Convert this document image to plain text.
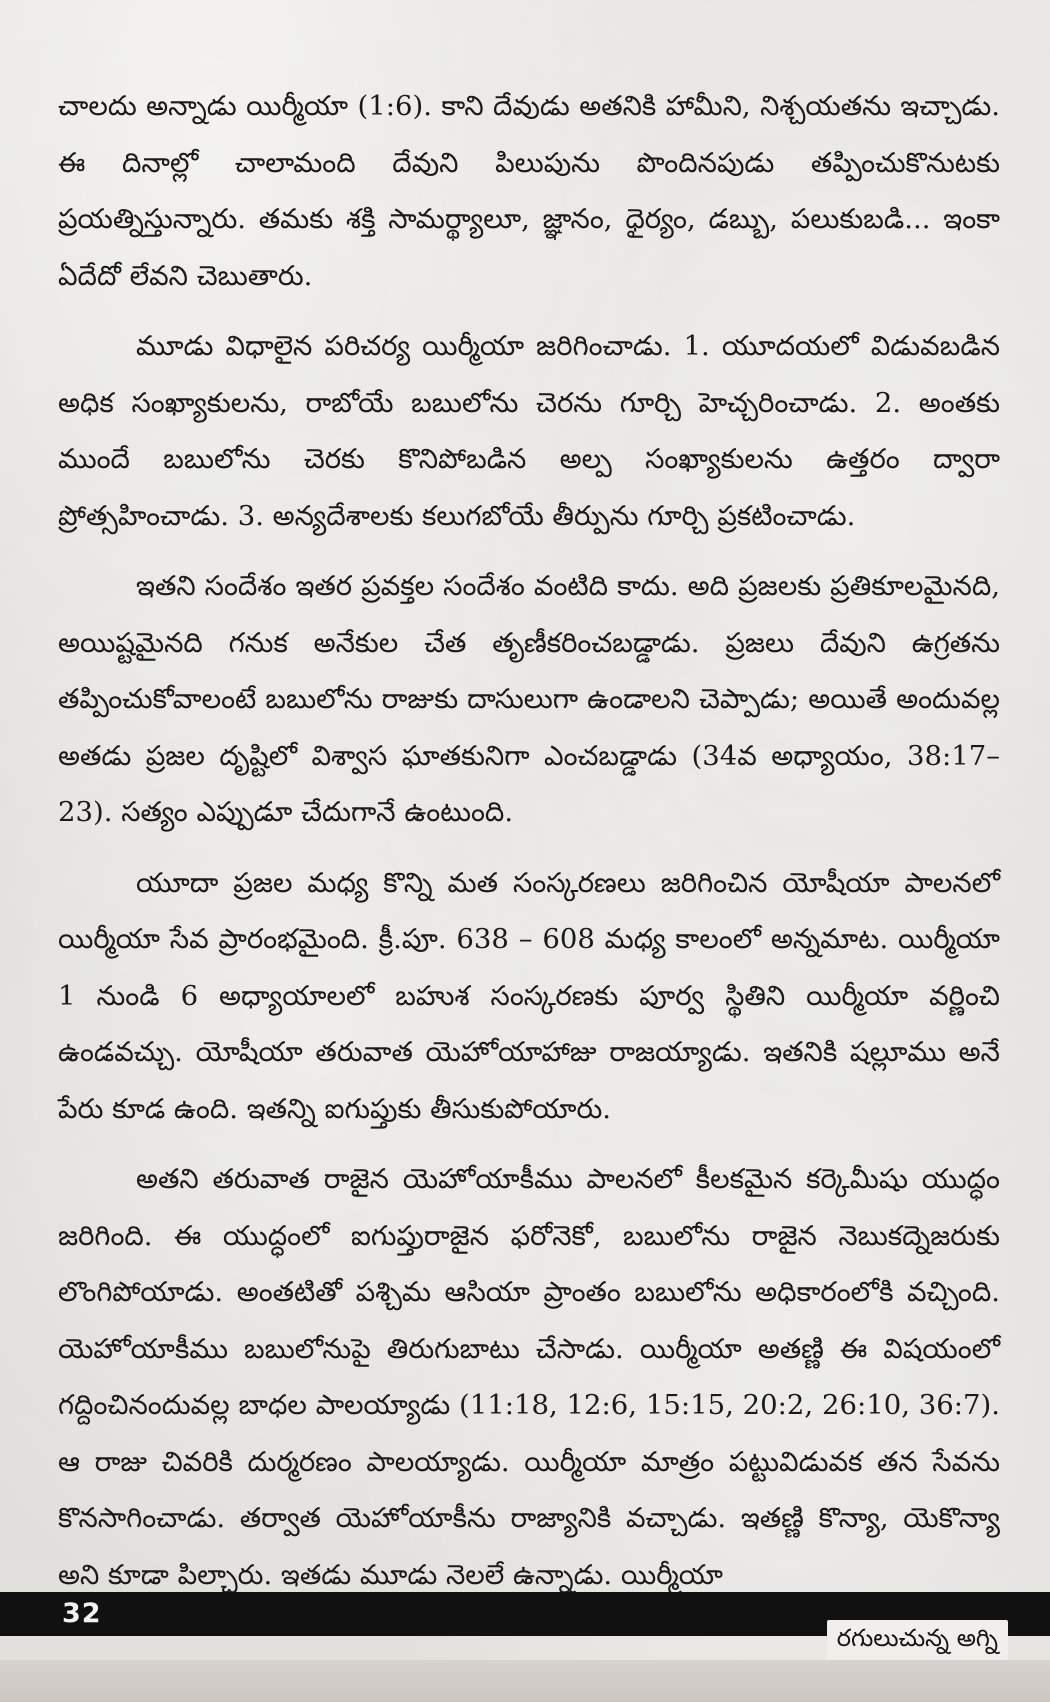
చాలదు అన్నాడు యిర్మీయా (1:6). కాని దేవుడు అతనికి హామీని, నిశ్చయతను ఇచ్చాడు. ఈ దినాల్లో చాలామంది దేవుని పిలుపును పొందినపుడు తప్పించుకొనుటకు ప్రయత్నిస్తున్నారు. తమకు శక్తి సామర్థ్యాలూ, జ్ఞానం, ధైర్యం, డబ్బు, పలుకుబడి... ఇంకా ఏదేదో లేవని చెబుతారు.

మూడు విధాలైన పరిచర్య యిర్మీయా జరిగించాడు. 1. యూదయలో విడువబడిన అధిక సంఖ్యాకులను, రాబోయే బబులోను చెరను గూర్చి హెచ్చరించాడు. 2. అంతకు ముందే బబులోను చెరకు కొనిపోబడిన అల్ప సంఖ్యాకులను ఉత్తరం ద్వారా ప్రోత్సహించాడు. 3. అన్యదేశాలకు కలుగబోయే తీర్పును గూర్చి ప్రకటించాడు.

ఇతని సందేశం ఇతర ప్రవక్తల సందేశం వంటిది కాదు. అది ప్రజలకు ప్రతికూలమైనది, అయిష్టమైనది గనుక అనేకుల చేత తృణీకరించబడ్డాడు. ప్రజలు దేవుని ఉగ్రతను తప్పించుకోవాలంటే బబులోను రాజుకు దాసులుగా ఉండాలని చెప్పాడు; అయితే అందువల్ల అతడు ప్రజల దృష్టిలో విశ్వాస ఘాతకునిగా ఎంచబడ్డాడు (34వ అధ్యాయం, 38:17–23). సత్యం ఎప్పుడూ చేదుగానే ఉంటుంది.

యూదా ప్రజల మధ్య కొన్ని మత సంస్కరణలు జరిగించిన యోషీయా పాలనలో యిర్మీయా సేవ ప్రారంభమైంది. క్రీ.పూ. 638 – 608 మధ్య కాలంలో అన్నమాట. యిర్మీయా 1 నుండి 6 అధ్యాయాలలో బహుశ సంస్కరణకు పూర్వ స్థితిని యిర్మీయా వర్ణించి ఉండవచ్చు. యోషీయా తరువాత యెహోయాహాజు రాజయ్యాడు. ఇతనికి షల్లూము అనే పేరు కూడ ఉంది. ఇతన్ని ఐగుప్తుకు తీసుకుపోయారు.

అతని తరువాత రాజైన యెహోయాకీము పాలనలో కీలకమైన కర్కెమీషు యుద్ధం జరిగింది. ఈ యుద్ధంలో ఐగుప్తురాజైన ఫరోనెకో, బబులోను రాజైన నెబుకద్నెజరుకు లొంగిపోయాడు. అంతటితో పశ్చిమ ఆసియా ప్రాంతం బబులోను అధికారంలోకి వచ్చింది. యెహోయాకీము బబులోనుపై తిరుగుబాటు చేసాడు. యిర్మీయా అతణ్ణి ఈ విషయంలో గద్దించినందువల్ల బాధల పాలయ్యాడు (11:18, 12:6, 15:15, 20:2, 26:10, 36:7). ఆ రాజు చివరికి దుర్మరణం పాలయ్యాడు. యిర్మీయా మాత్రం పట్టువిడువక తన సేవను కొనసాగించాడు. తర్వాత యెహోయాకీను రాజ్యానికి వచ్చాడు. ఇతణ్ణి కొన్యా, యెకొన్యా అని కూడా పిల్చారు. ఇతడు మూడు నెలలే ఉన్నాడు. యిర్మీయా

32
రగులుచున్న అగ్ని
